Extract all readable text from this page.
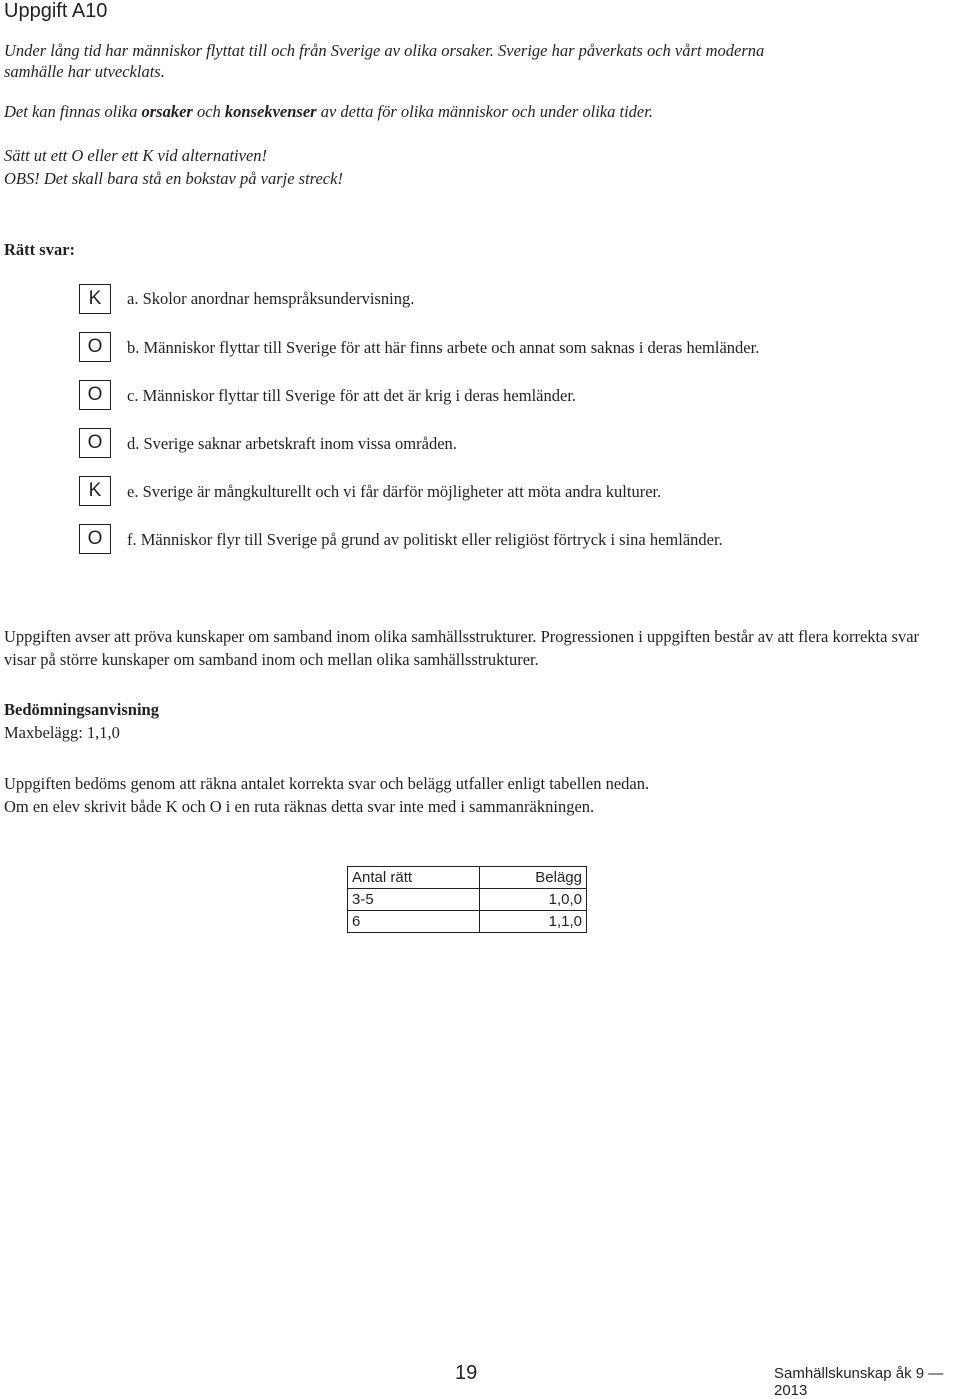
Uppgift A10
Under lång tid har människor flyttat till och från Sverige av olika orsaker. Sverige har påverkats och vårt moderna samhälle har utvecklats.
Det kan finnas olika orsaker och konsekvenser av detta för olika människor och under olika tider.
Sätt ut ett O eller ett K vid alternativen!
OBS! Det skall bara stå en bokstav på varje streck!
Rätt svar:
K	a. Skolor anordnar hemspråksundervisning.
O	b. Människor flyttar till Sverige för att här finns arbete och annat som saknas i deras hemländer.
O	c. Människor flyttar till Sverige för att det är krig i deras hemländer.
O	d. Sverige saknar arbetskraft inom vissa områden.
K	e. Sverige är mångkulturellt och vi får därför möjligheter att möta andra kulturer.
O	f. Människor flyr till Sverige på grund av politiskt eller religiöst förtryck i sina hemländer.
Uppgiften avser att pröva kunskaper om samband inom olika samhällsstrukturer. Progressionen i uppgiften består av att flera korrekta svar visar på större kunskaper om samband inom och mellan olika samhällsstrukturer.
Bedömningsanvisning
Maxbelägg: 1,1,0
Uppgiften bedöms genom att räkna antalet korrekta svar och belägg utfaller enligt tabellen nedan.
Om en elev skrivit både K och O i en ruta räknas detta svar inte med i sammanräkningen.
Antal rätt	Belägg
3-5	1,0,0
6	1,1,0
19	Samhällskunskap åk 9 — 2013
